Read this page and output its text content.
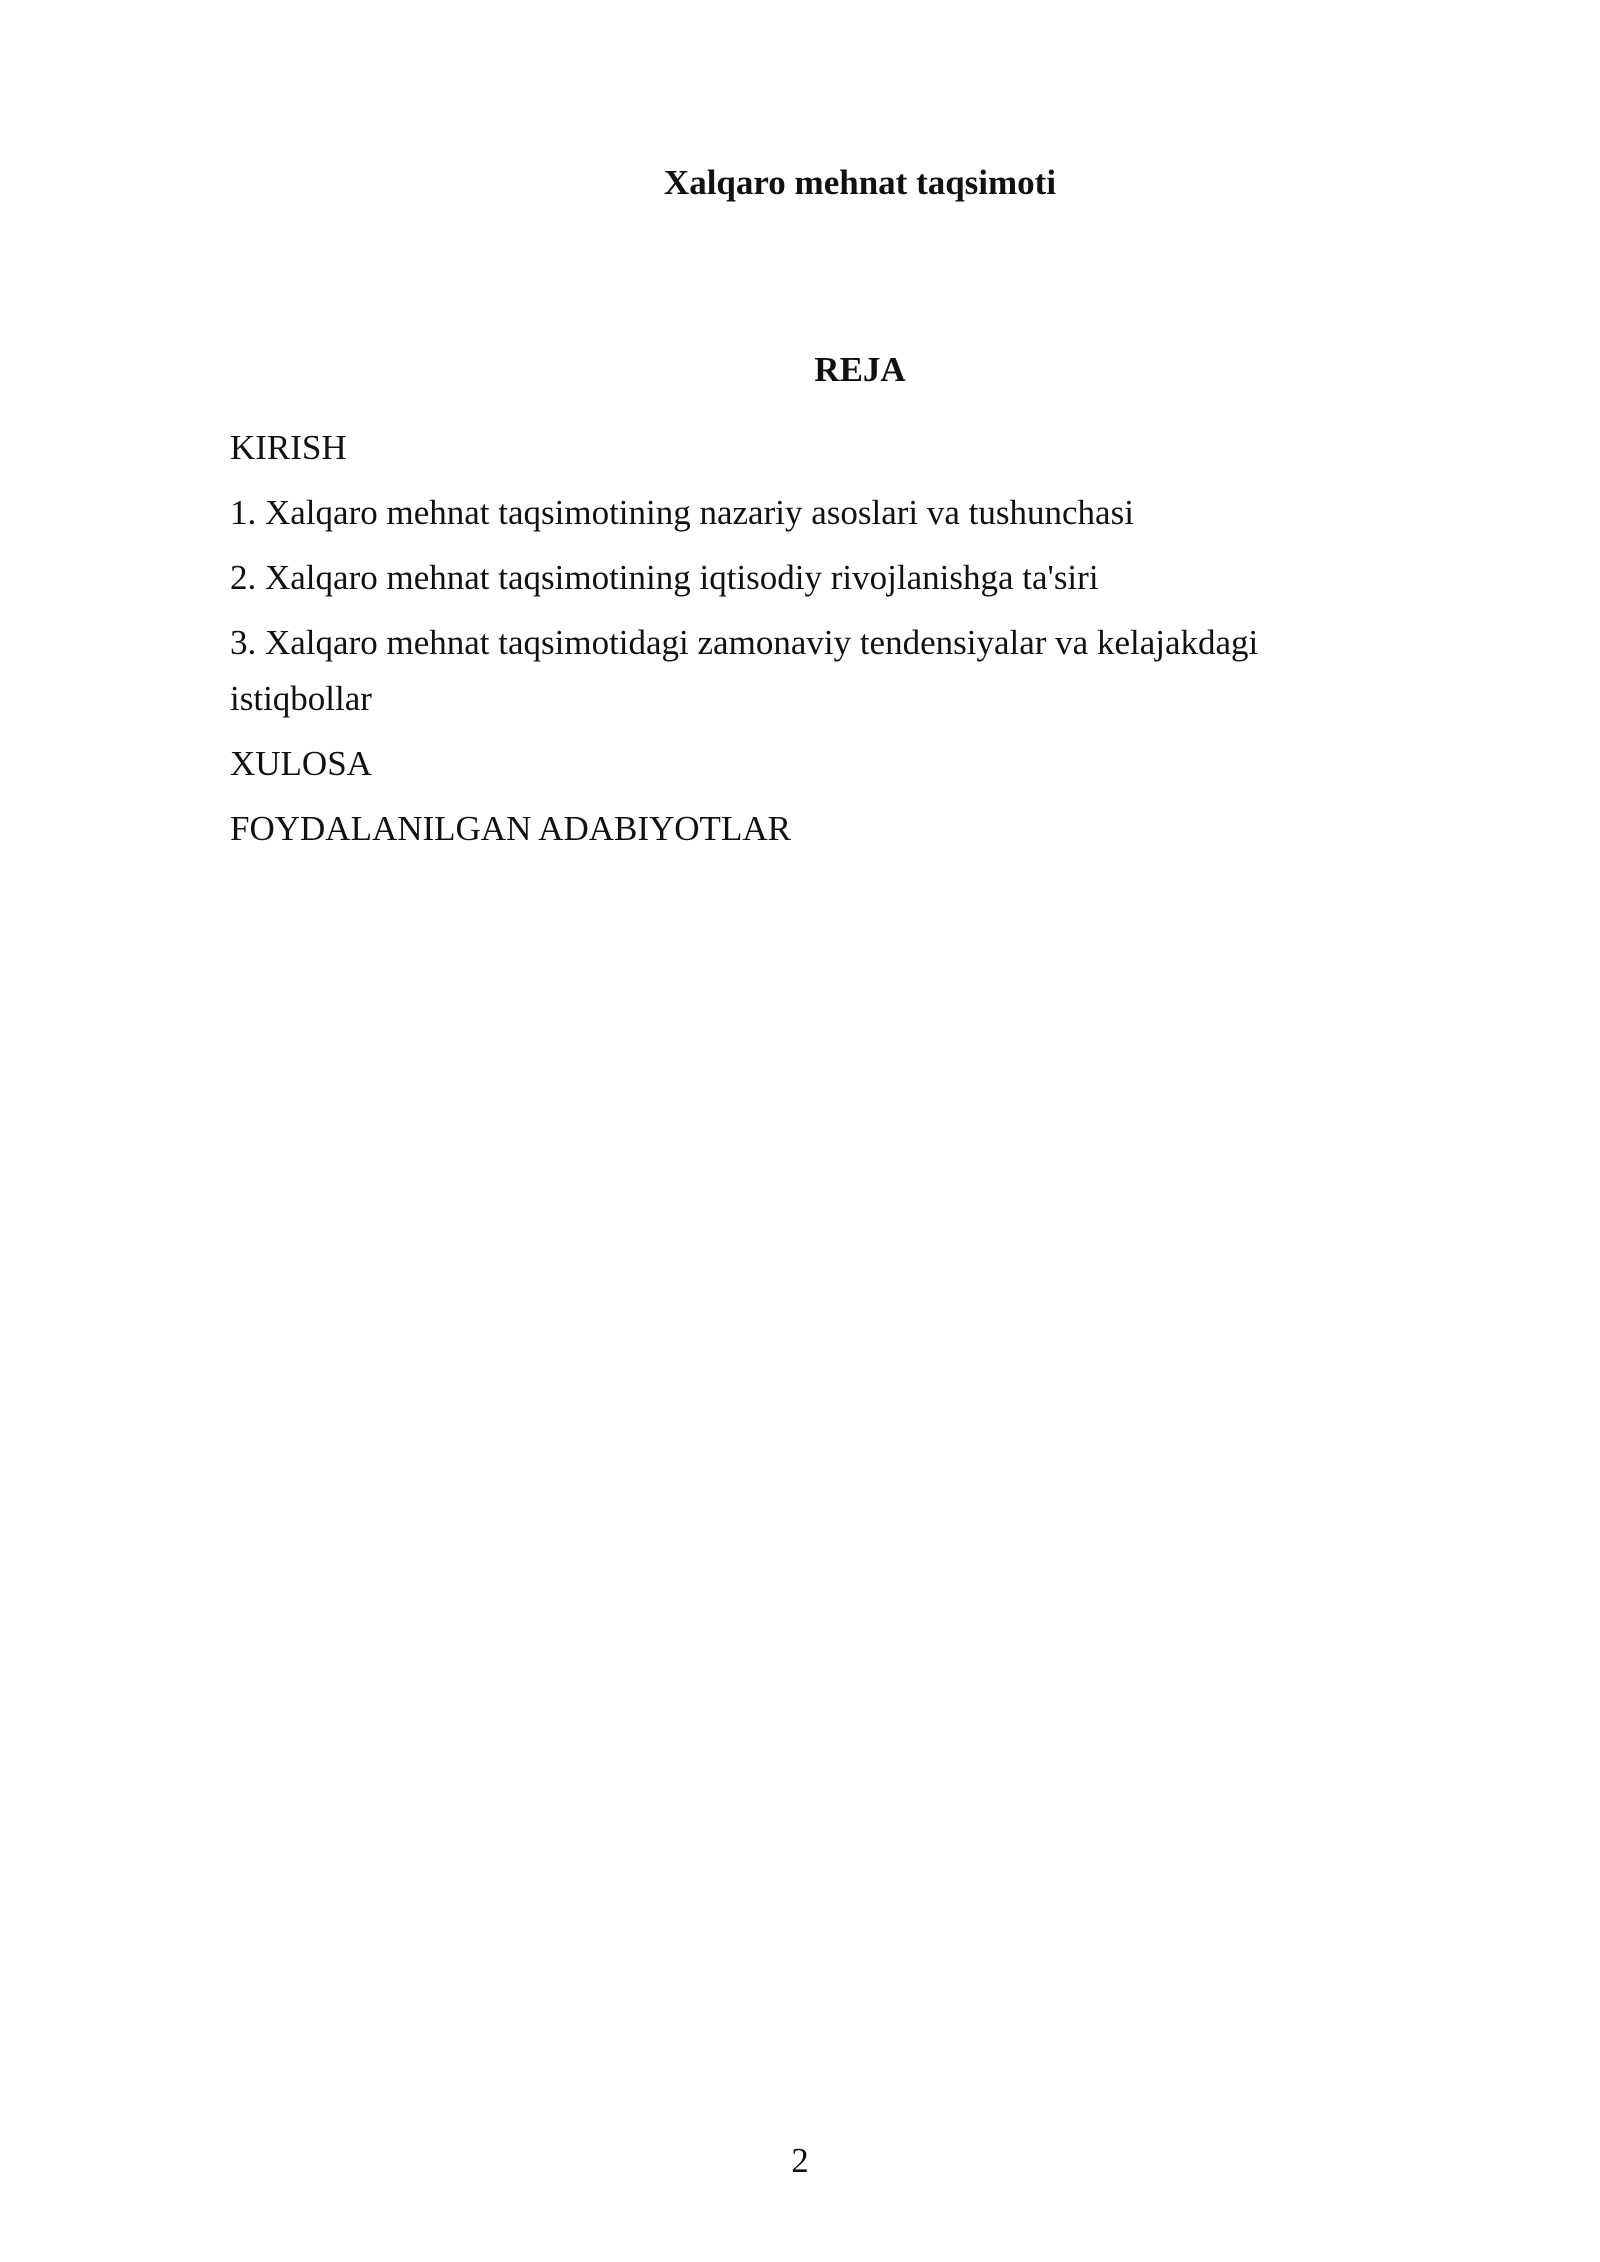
Xalqaro mehnat taqsimoti
REJA
KIRISH
1. Xalqaro mehnat taqsimotining nazariy asoslari va tushunchasi
2. Xalqaro mehnat taqsimotining iqtisodiy rivojlanishga ta'siri
3. Xalqaro mehnat taqsimotidagi zamonaviy tendensiyalar va kelajakdagi istiqbollar
XULOSA
FOYDALANILGAN ADABIYOTLAR
2
